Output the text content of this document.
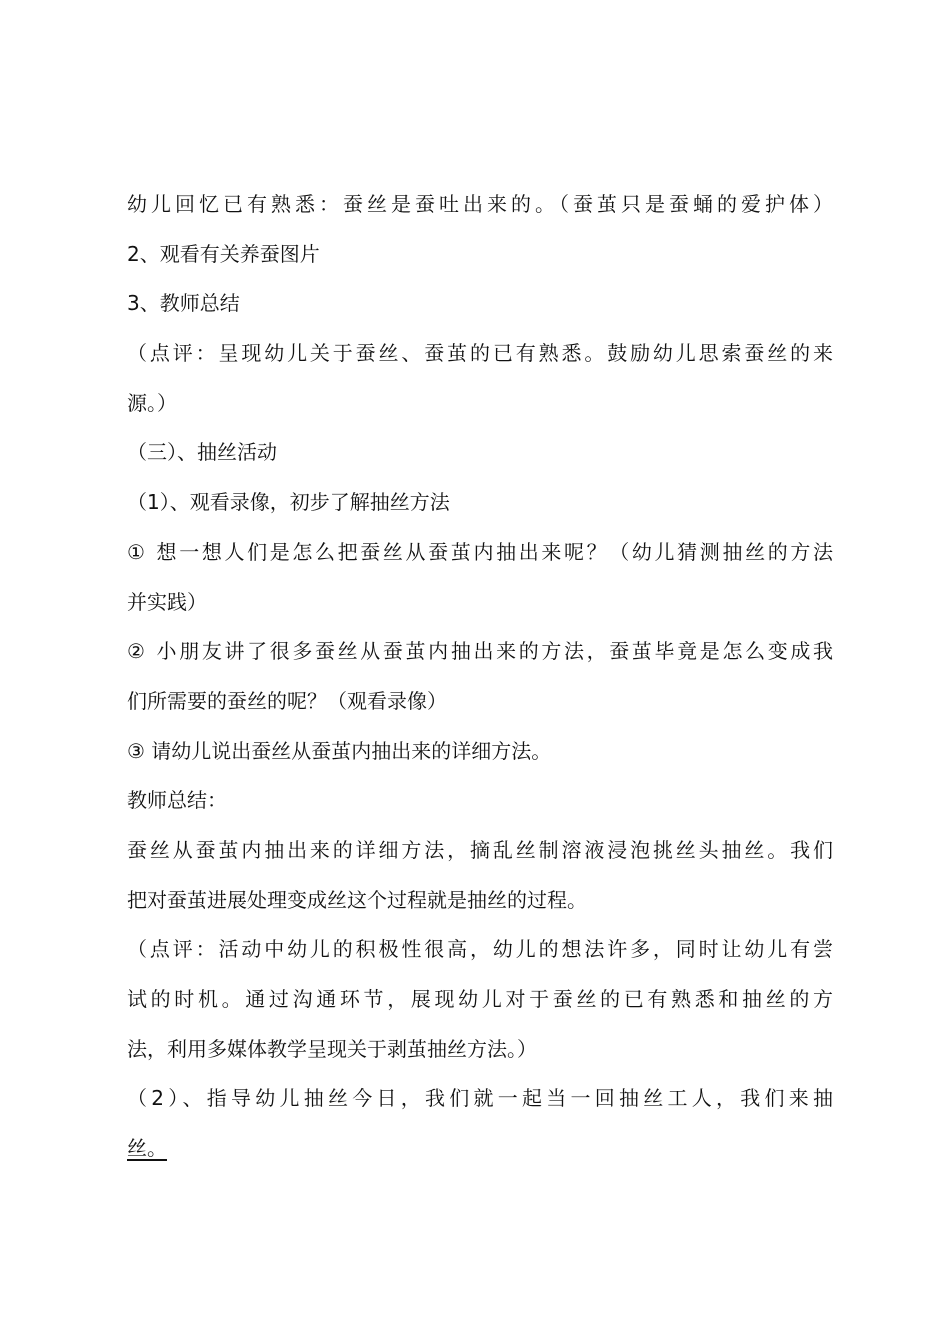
幼儿回忆已有熟悉：蚕丝是蚕吐出来的。（蚕茧只是蚕蛹的爱护体）
2、观看有关养蚕图片
3、教师总结
（点评：呈现幼儿关于蚕丝、蚕茧的已有熟悉。鼓励幼儿思索蚕丝的来
源。）
（三）、抽丝活动
（1）、观看录像，初步了解抽丝方法
① 想一想人们是怎么把蚕丝从蚕茧内抽出来呢？（幼儿猜测抽丝的方法
并实践）
② 小朋友讲了很多蚕丝从蚕茧内抽出来的方法，蚕茧毕竟是怎么变成我
们所需要的蚕丝的呢？（观看录像）
③ 请幼儿说出蚕丝从蚕茧内抽出来的详细方法。
教师总结：
蚕丝从蚕茧内抽出来的详细方法，摘乱丝制溶液浸泡挑丝头抽丝。我们
把对蚕茧进展处理变成丝这个过程就是抽丝的过程。
（点评：活动中幼儿的积极性很高，幼儿的想法许多，同时让幼儿有尝
试的时机。通过沟通环节，展现幼儿对于蚕丝的已有熟悉和抽丝的方
法，利用多媒体教学呈现关于剥茧抽丝方法。）
（2）、指导幼儿抽丝今日，我们就一起当一回抽丝工人，我们来抽
丝。
